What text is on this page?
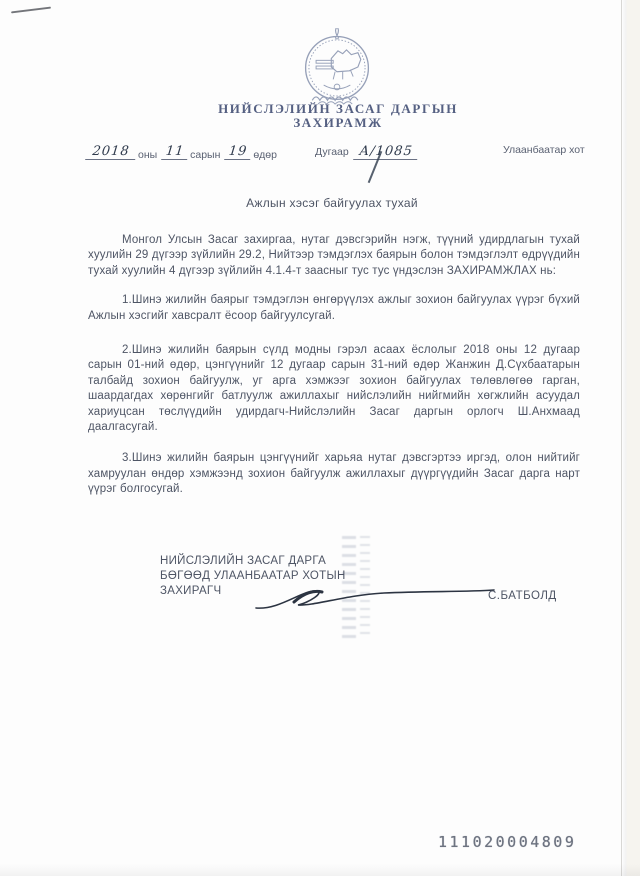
НИЙСЛЭЛИЙН ЗАСАГ ДАРГЫН
ЗАХИРАМЖ
2018 оны 11 сарын 19 өдөр	Дугаар А/1085	Улаанбаатар хот
Ажлын хэсэг байгуулах тухай

Монгол Улсын Засаг захиргаа, нутаг дэвсгэрийн нэгж, түүний удирдлагын тухай хуулийн 29 дүгээр зүйлийн 29.2, Нийтээр тэмдэглэх баярын болон тэмдэглэлт өдрүүдийн тухай хуулийн 4 дүгээр зүйлийн 4.1.4-т заасныг тус тус үндэслэн ЗАХИРАМЖЛАХ нь:

1.Шинэ жилийн баярыг тэмдэглэн өнгөрүүлэх ажлыг зохион байгуулах үүрэг бүхий Ажлын хэсгийг хавсралт ёсоор байгуулсугай.

2.Шинэ жилийн баярын сүлд модны гэрэл асаах ёслолыг 2018 оны 12 дугаар сарын 01-ний өдөр, цэнгүүнийг 12 дугаар сарын 31-ний өдөр Жанжин Д.Сүхбаатарын талбайд зохион байгуулж, уг арга хэмжээг зохион байгуулах төлөвлөгөө гарган, шаардагдах хөрөнгийг батлуулж ажиллахыг нийслэлийн нийгмийн хөгжлийн асуудал хариуцсан төслүүдийн удирдагч-Нийслэлийн Засаг даргын орлогч Ш.Анхмаад даалгасугай.

3.Шинэ жилийн баярын цэнгүүнийг харьяа нутаг дэвсгэртээ иргэд, олон нийтийг хамруулан өндөр хэмжээнд зохион байгуулж ажиллахыг дүүргүүдийн Засаг дарга нарт үүрэг болгосугай.

НИЙСЛЭЛИЙН ЗАСАГ ДАРГА
БӨГӨӨД УЛААНБААТАР ХОТЫН
ЗАХИРАГЧ	С.БАТБОЛД
111020004809
